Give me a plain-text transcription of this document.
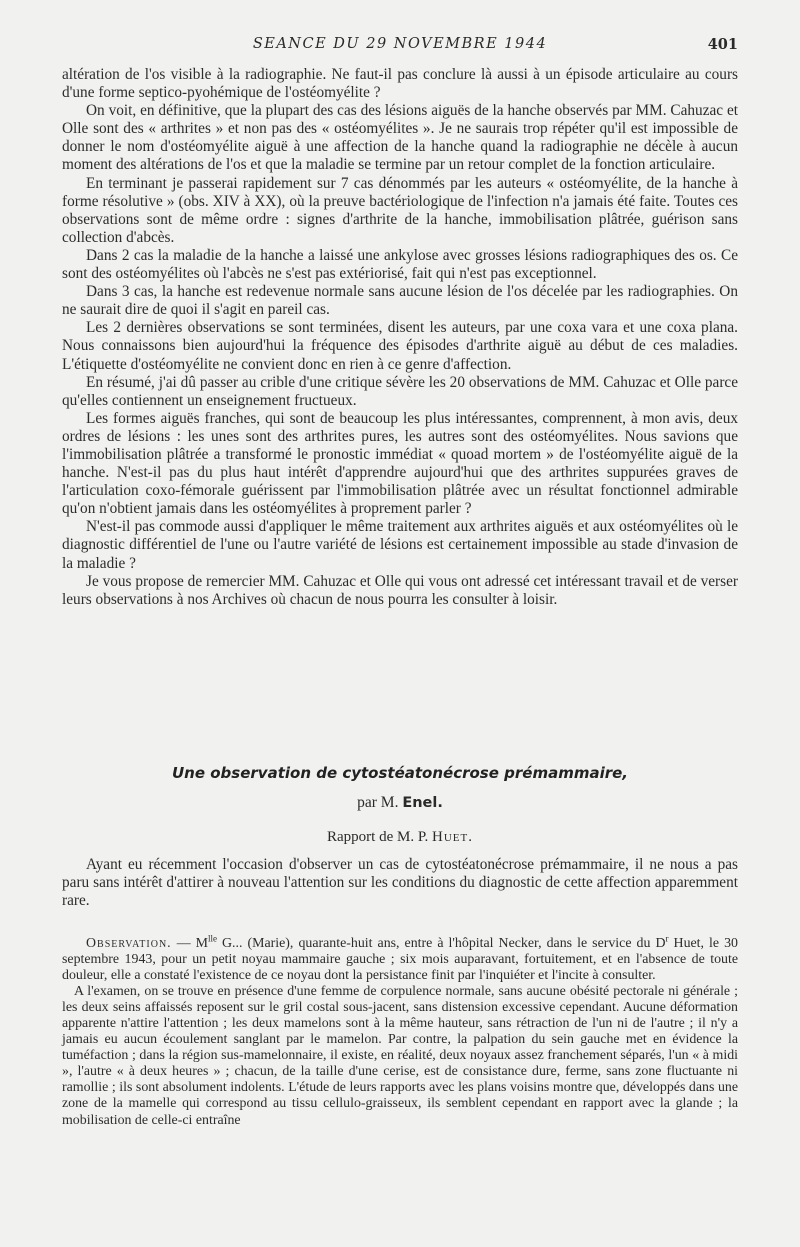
SEANCE DU 29 NOVEMBRE 1944	401

altération de l'os visible à la radiographie. Ne faut-il pas conclure là aussi à un épisode articulaire au cours d'une forme septico-pyohémique de l'ostéomyélite ?

On voit, en définitive, que la plupart des cas des lésions aiguës de la hanche observés par MM. Cahuzac et Olle sont des « arthrites » et non pas des « ostéomyélites ». Je ne saurais trop répéter qu'il est impossible de donner le nom d'ostéomyélite aiguë à une affection de la hanche quand la radiographie ne décèle à aucun moment des altérations de l'os et que la maladie se termine par un retour complet de la fonction articulaire.

En terminant je passerai rapidement sur 7 cas dénommés par les auteurs « ostéomyélite, de la hanche à forme résolutive » (obs. XIV à XX), où la preuve bactériologique de l'infection n'a jamais été faite. Toutes ces observations sont de même ordre : signes d'arthrite de la hanche, immobilisation plâtrée, guérison sans collection d'abcès.

Dans 2 cas la maladie de la hanche a laissé une ankylose avec grosses lésions radiographiques des os. Ce sont des ostéomyélites où l'abcès ne s'est pas extériorisé, fait qui n'est pas exceptionnel.

Dans 3 cas, la hanche est redevenue normale sans aucune lésion de l'os décelée par les radiographies. On ne saurait dire de quoi il s'agit en pareil cas.

Les 2 dernières observations se sont terminées, disent les auteurs, par une coxa vara et une coxa plana. Nous connaissons bien aujourd'hui la fréquence des épisodes d'arthrite aiguë au début de ces maladies. L'étiquette d'ostéomyélite ne convient donc en rien à ce genre d'affection.

En résumé, j'ai dû passer au crible d'une critique sévère les 20 observations de MM. Cahuzac et Olle parce qu'elles contiennent un enseignement fructueux.

Les formes aiguës franches, qui sont de beaucoup les plus intéressantes, comprennent, à mon avis, deux ordres de lésions : les unes sont des arthrites pures, les autres sont des ostéomyélites. Nous savions que l'immobilisation plâtrée a transformé le pronostic immédiat « quoad mortem » de l'ostéomyélite aiguë de la hanche. N'est-il pas du plus haut intérêt d'apprendre aujourd'hui que des arthrites suppurées graves de l'articulation coxo-fémorale guérissent par l'immobilisation plâtrée avec un résultat fonctionnel admirable qu'on n'obtient jamais dans les ostéomyélites à proprement parler ?

N'est-il pas commode aussi d'appliquer le même traitement aux arthrites aiguës et aux ostéomyélites où le diagnostic différentiel de l'une ou l'autre variété de lésions est certainement impossible au stade d'invasion de la maladie ?

Je vous propose de remercier MM. Cahuzac et Olle qui vous ont adressé cet intéressant travail et de verser leurs observations à nos Archives où chacun de nous pourra les consulter à loisir.

Une observation de cytostéatonécrose prémammaire,
par M. Enel.
Rapport de M. P. Huet.

Ayant eu récemment l'occasion d'observer un cas de cytostéatonécrose prémammaire, il ne nous a pas paru sans intérêt d'attirer à nouveau l'attention sur les conditions du diagnostic de cette affection apparemment rare.

Observation. — $M^{lle}$ G... (Marie), quarante-huit ans, entre à l'hôpital Necker, dans le service du $D^r$ Huet, le 30 septembre 1943, pour un petit noyau mammaire gauche ; six mois auparavant, fortuitement, et en l'absence de toute douleur, elle a constaté l'existence de ce noyau dont la persistance finit par l'inquiéter et l'incite à consulter.

A l'examen, on se trouve en présence d'une femme de corpulence normale, sans aucune obésité pectorale ni générale ; les deux seins affaissés reposent sur le gril costal sous-jacent, sans distension excessive cependant. Aucune déformation apparente n'attire l'attention ; les deux mamelons sont à la même hauteur, sans rétraction de l'un ni de l'autre ; il n'y a jamais eu aucun écoulement sanglant par le mamelon. Par contre, la palpation du sein gauche met en évidence la tuméfaction ; dans la région sus-mamelonnaire, il existe, en réalité, deux noyaux assez franchement séparés, l'un « à midi », l'autre « à deux heures » ; chacun, de la taille d'une cerise, est de consistance dure, ferme, sans zone fluctuante ni ramollie ; ils sont absolument indolents. L'étude de leurs rapports avec les plans voisins montre que, développés dans une zone de la mamelle qui correspond au tissu cellulo-graisseux, ils semblent cependant en rapport avec la glande ; la mobilisation de celle-ci entraîne
